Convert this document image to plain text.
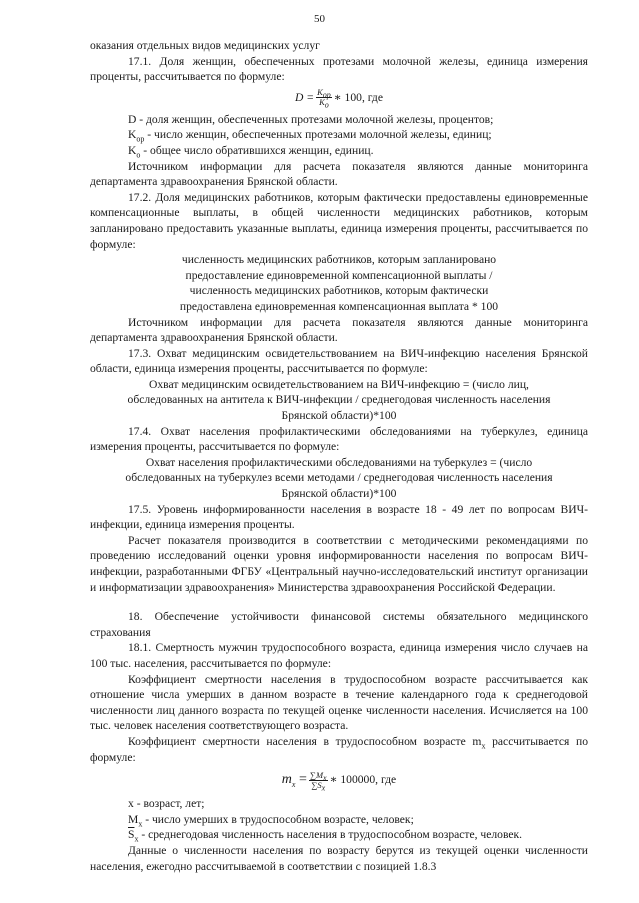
50

оказания отдельных видов медицинских услуг

17.1. Доля женщин, обеспеченных протезами молочной железы, единица измерения проценты, рассчитывается по формуле:

$D = \frac{K_{ор}}{K_о}$ ∗ 100, где

D - доля женщин, обеспеченных протезами молочной железы, процентов;

$K_{ор}$ - число женщин, обеспеченных протезами молочной железы, единиц;

$K_о$ - общее число обратившихся женщин, единиц.

Источником информации для расчета показателя являются данные мониторинга департамента здравоохранения Брянской области.

17.2. Доля медицинских работников, которым фактически предоставлены единовременные компенсационные выплаты, в общей численности медицинских работников, которым запланировано предоставить указанные выплаты, единица измерения проценты, рассчитывается по формуле:

численность медицинских работников, которым запланировано

предоставление единовременной компенсационной выплаты /

численность медицинских работников, которым фактически

предоставлена единовременная компенсационная выплата * 100

Источником информации для расчета показателя являются данные мониторинга департамента здравоохранения Брянской области.

17.3. Охват медицинским освидетельствованием на ВИЧ-инфекцию населения Брянской области, единица измерения проценты, рассчитывается по формуле:

Охват медицинским освидетельствованием на ВИЧ-инфекцию = (число лиц,

обследованных на антитела к ВИЧ-инфекции / среднегодовая численность населения

Брянской области)*100

17.4. Охват населения профилактическими обследованиями на туберкулез, единица измерения проценты, рассчитывается по формуле:

Охват населения профилактическими обследованиями на туберкулез = (число

обследованных на туберкулез всеми методами / среднегодовая численность населения

Брянской области)*100

17.5. Уровень информированности населения в возрасте 18 - 49 лет по вопросам ВИЧ-инфекции, единица измерения проценты.

Расчет показателя производится в соответствии с методическими рекомендациями по проведению исследований оценки уровня информированности населения по вопросам ВИЧ-инфекции, разработанными ФГБУ «Центральный научно-исследовательский институт организации и информатизации здравоохранения» Министерства здравоохранения Российской Федерации.

18. Обеспечение устойчивости финансовой системы обязательного медицинского страхования

18.1. Смертность мужчин трудоспособного возраста, единица измерения число случаев на 100 тыс. населения, рассчитывается по формуле:

Коэффициент смертности населения в трудоспособном возрасте рассчитывается как отношение числа умерших в данном возрасте в течение календарного года к среднегодовой численности лиц данного возраста по текущей оценке численности населения. Исчисляется на 100 тыс. человек населения соответствующего возраста.

Коэффициент смертности населения в трудоспособном возрасте $m_x$ рассчитывается по формуле:

$m_x = \frac{\sum M_x}{\sum S_x}$ ∗ 100000, где

x - возраст, лет;

$M_x$ - число умерших в трудоспособном возрасте, человек;

$\overline{S}_x$ - среднегодовая численность населения в трудоспособном возрасте, человек.

Данные о численности населения по возрасту берутся из текущей оценки численности населения, ежегодно рассчитываемой в соответствии с позицией 1.8.3
